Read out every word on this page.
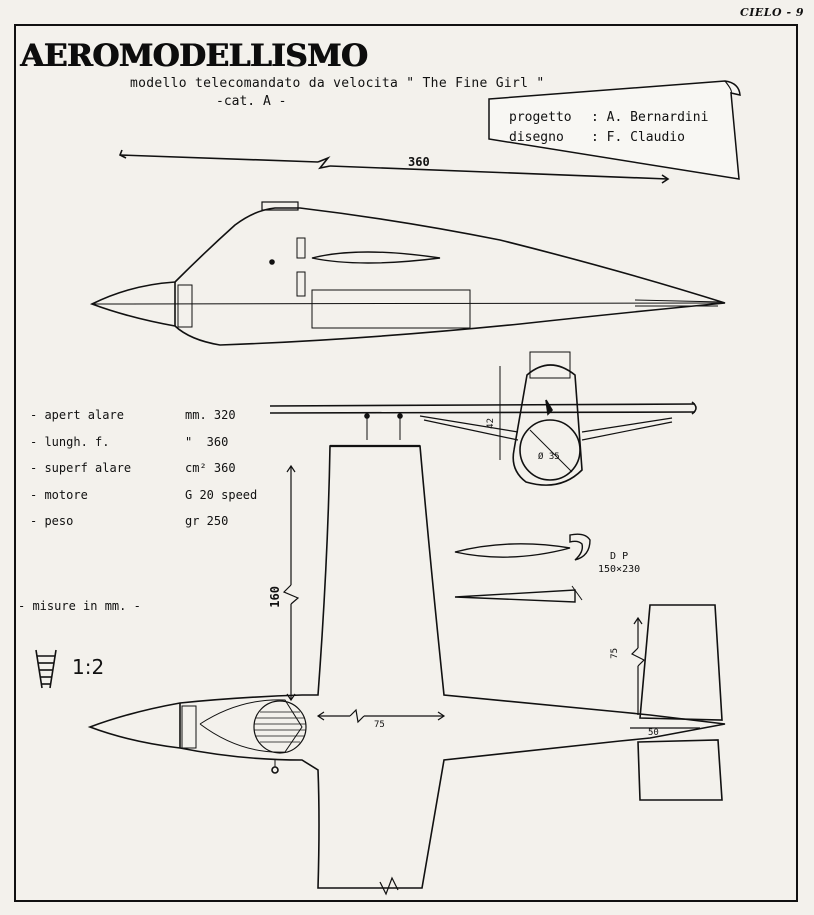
CIELO - 9
AEROMODELLISMO
modello telecomandato da velocita " The Fine Girl "
-cat. A -
progetto : A. Bernardini
disegno : F. Claudio
- apert alare	mm. 320
- lungh. f.	"  360
- superf alare	cm² 360
- motore	G 20 speed
- peso	gr 250
- misure in mm. -
1:2
360
160
75
75
50
42
Ø 35
D P
150×230
